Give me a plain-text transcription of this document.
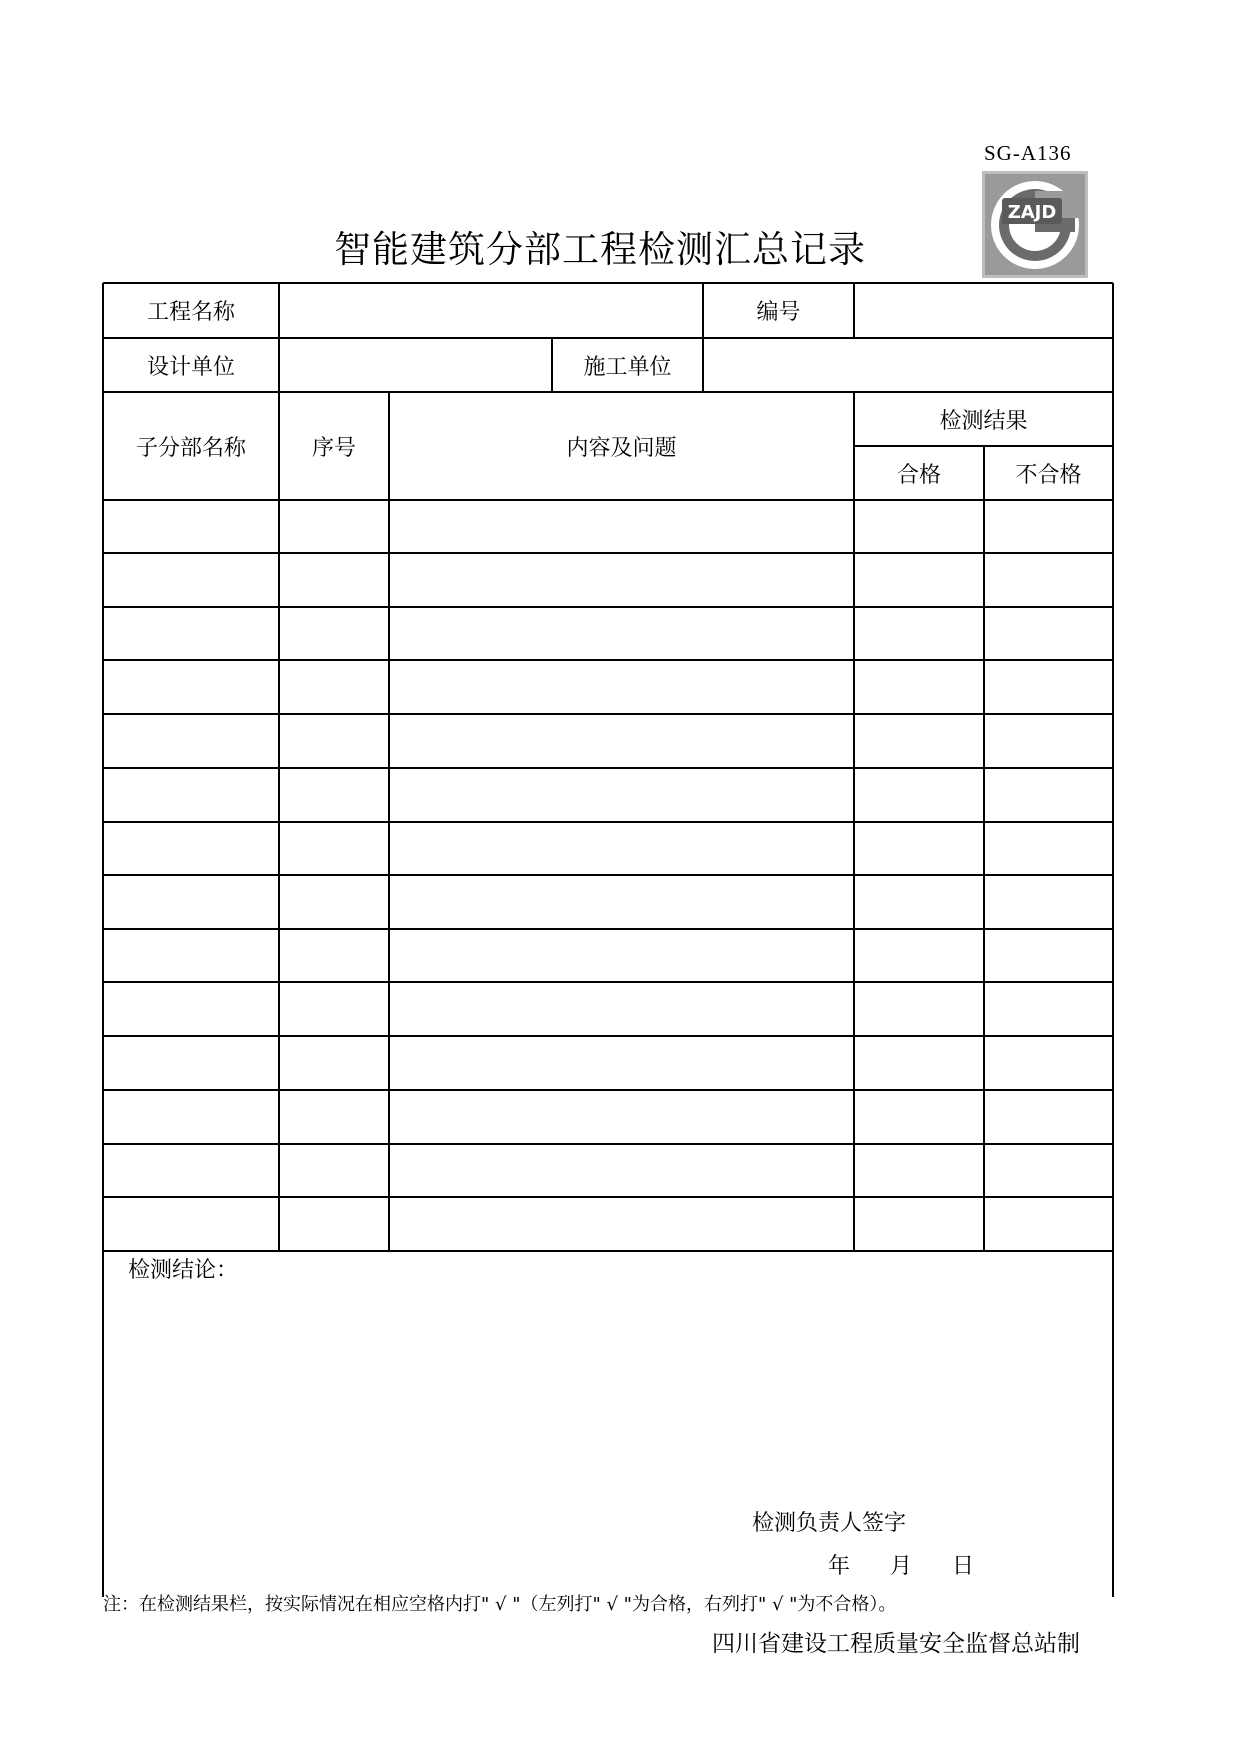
SG-A136
ZAJD
智能建筑分部工程检测汇总记录
工程名称	编号
设计单位	施工单位
子分部名称	序号	内容及问题
检测结果
合格	不合格
检测结论：
检测负责人签字
年 月 日
注：在检测结果栏，按实际情况在相应空格内打" √ "（左列打" √ "为合格，右列打" √ "为不合格）。
四川省建设工程质量安全监督总站制
